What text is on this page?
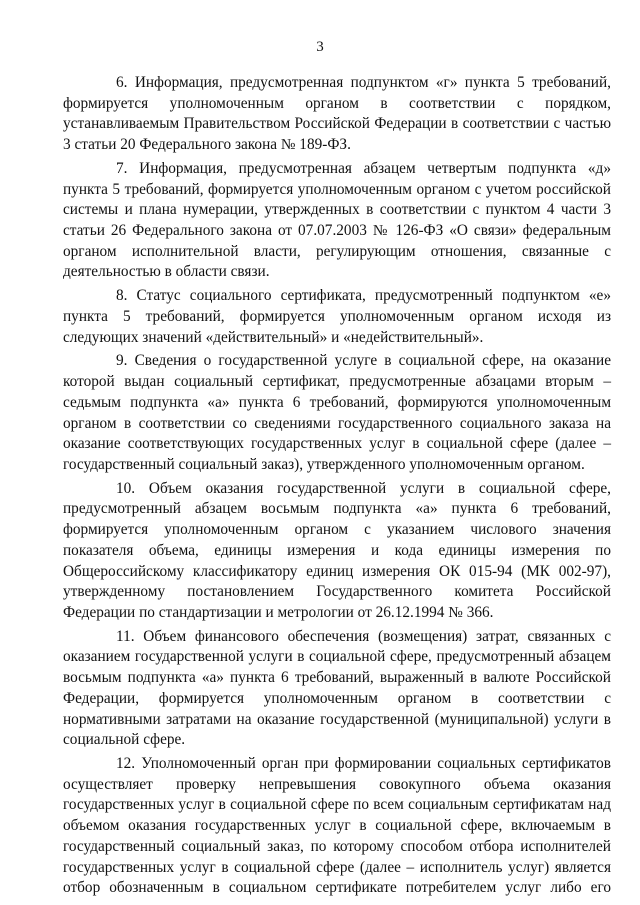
3

6. Информация, предусмотренная подпунктом «г» пункта 5 требований, формируется уполномоченным органом в соответствии с порядком, устанавливаемым Правительством Российской Федерации в соответствии с частью 3 статьи 20 Федерального закона № 189-ФЗ.

7. Информация, предусмотренная абзацем четвертым подпункта «д» пункта 5 требований, формируется уполномоченным органом с учетом российской системы и плана нумерации, утвержденных в соответствии с пунктом 4 части 3 статьи 26 Федерального закона от 07.07.2003 № 126-ФЗ «О связи» федеральным органом исполнительной власти, регулирующим отношения, связанные с деятельностью в области связи.

8. Статус социального сертификата, предусмотренный подпунктом «е» пункта 5 требований, формируется уполномоченным органом исходя из следующих значений «действительный» и «недействительный».

9. Сведения о государственной услуге в социальной сфере, на оказание которой выдан социальный сертификат, предусмотренные абзацами вторым – седьмым подпункта «а» пункта 6 требований, формируются уполномоченным органом в соответствии со сведениями государственного социального заказа на оказание соответствующих государственных услуг в социальной сфере (далее – государственный социальный заказ), утвержденного уполномоченным органом.

10. Объем оказания государственной услуги в социальной сфере, предусмотренный абзацем восьмым подпункта «а» пункта 6 требований, формируется уполномоченным органом с указанием числового значения показателя объема, единицы измерения и кода единицы измерения по Общероссийскому классификатору единиц измерения ОК 015-94 (МК 002-97), утвержденному постановлением Государственного комитета Российской Федерации по стандартизации и метрологии от 26.12.1994 № 366.

11. Объем финансового обеспечения (возмещения) затрат, связанных с оказанием государственной услуги в социальной сфере, предусмотренный абзацем восьмым подпункта «а» пункта 6 требований, выраженный в валюте Российской Федерации, формируется уполномоченным органом в соответствии с нормативными затратами на оказание государственной (муниципальной) услуги в социальной сфере.

12. Уполномоченный орган при формировании социальных сертификатов осуществляет проверку непревышения совокупного объема оказания государственных услуг в социальной сфере по всем социальным сертификатам над объемом оказания государственных услуг в социальной сфере, включаемым в государственный социальный заказ, по которому способом отбора исполнителей государственных услуг в социальной сфере (далее – исполнитель услуг) является отбор обозначенным в социальном сертификате потребителем услуг либо его
